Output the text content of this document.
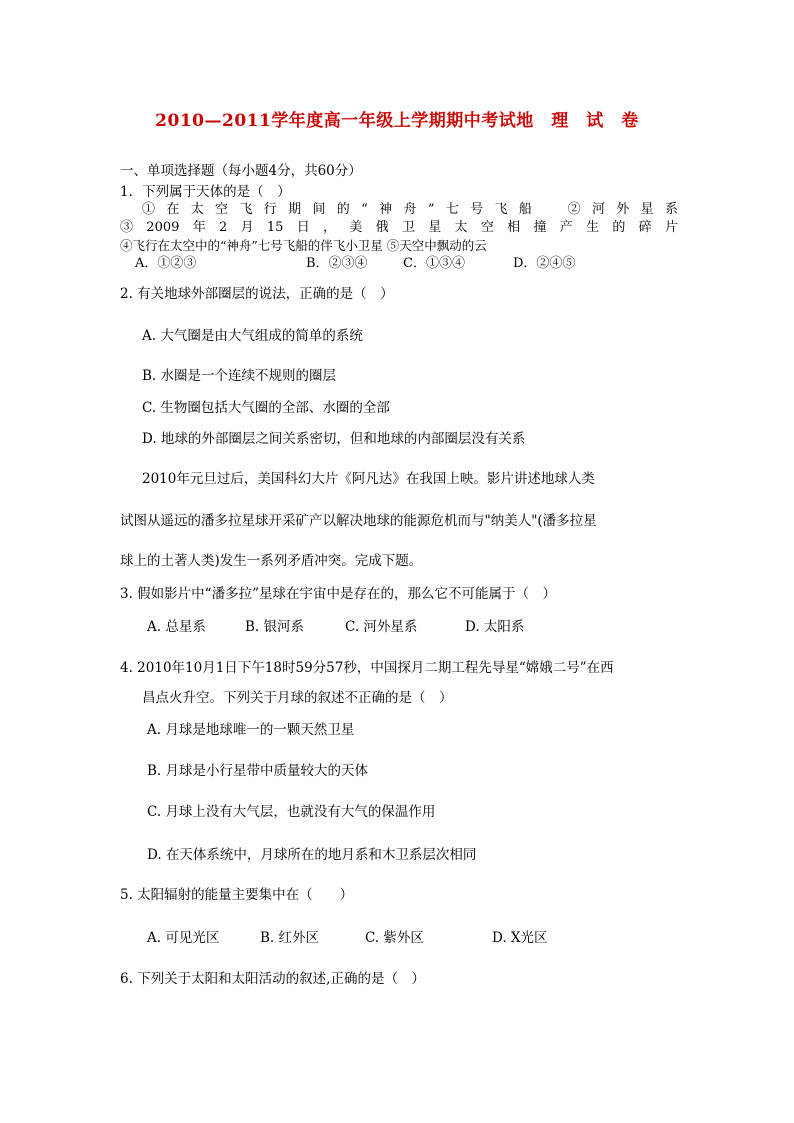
2010—2011学年度高一年级上学期期中考试地　理　试　卷
一、单项选择题（每小题4分，共60分）
1．下列属于天体的是（　）
①在太空飞行期间的“神舟”七号飞船　②河外星系
③2009年2月15日，美俄卫星太空相撞产生的碎片
④飞行在太空中的“神舟”七号飞船的伴飞小卫星 ⑤天空中飘动的云
A．①②③	B．②③④	C．①③④	D．②④⑤
2. 有关地球外部圈层的说法，正确的是（　）
A. 大气圈是由大气组成的简单的系统
B. 水圈是一个连续不规则的圈层
C. 生物圈包括大气圈的全部、水圈的全部
D. 地球的外部圈层之间关系密切，但和地球的内部圈层没有关系
2010年元旦过后，美国科幻大片《阿凡达》在我国上映。影片讲述地球人类
试图从遥远的潘多拉星球开采矿产以解决地球的能源危机而与"纳美人"(潘多拉星
球上的土著人类)发生一系列矛盾冲突。完成下题。
3. 假如影片中“潘多拉”星球在宇宙中是存在的，那么它不可能属于（　）
A. 总星系	B. 银河系	C. 河外星系	D. 太阳系
4. 2010年10月1日下午18时59分57秒，中国探月二期工程先导星“嫦娥二号”在西
昌点火升空。下列关于月球的叙述不正确的是（　）
A. 月球是地球唯一的一颗天然卫星
B. 月球是小行星带中质量较大的天体
C. 月球上没有大气层，也就没有大气的保温作用
D. 在天体系统中，月球所在的地月系和木卫系层次相同
5. 太阳辐射的能量主要集中在（　　）
A. 可见光区	B. 红外区	C. 紫外区	D. X光区
6. 下列关于太阳和太阳活动的叙述,正确的是（　）
